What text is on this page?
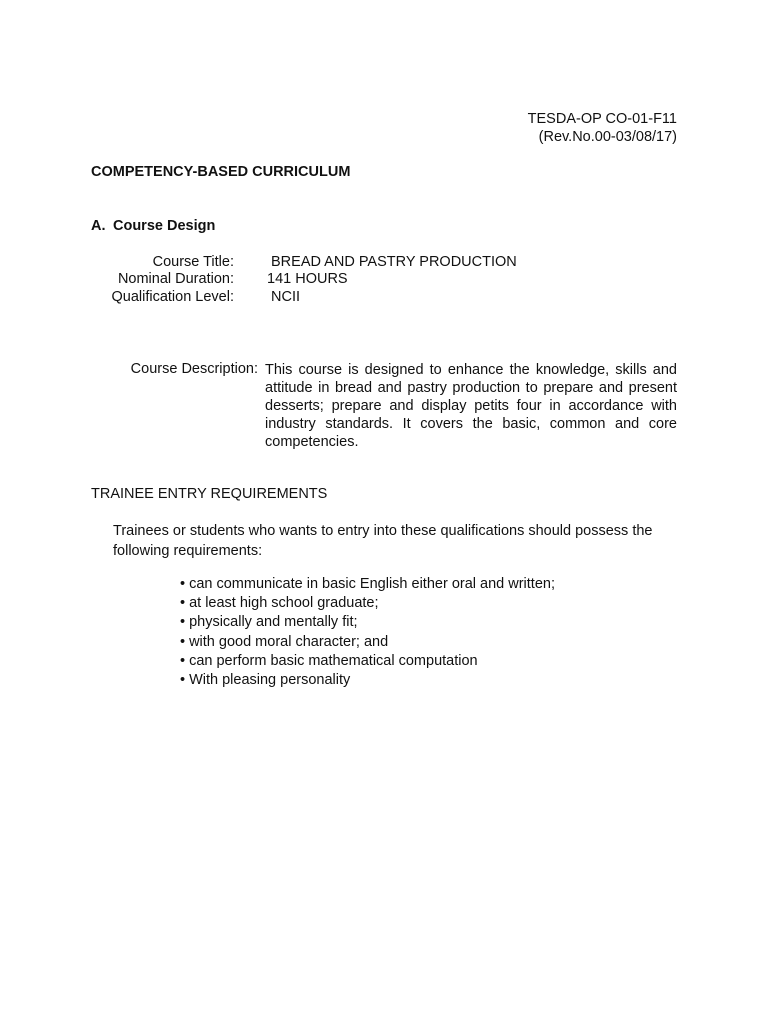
TESDA-OP CO-01-F11
(Rev.No.00-03/08/17)
COMPETENCY-BASED CURRICULUM
A. Course Design
Course Title:	BREAD AND PASTRY PRODUCTION
Nominal Duration: 141 HOURS
Qualification Level:	NCII
Course Description: This course is designed to enhance the knowledge, skills and attitude in bread and pastry production to prepare and present desserts; prepare and display petits four in accordance with industry standards. It covers the basic, common and core competencies.
TRAINEE ENTRY REQUIREMENTS
Trainees or students who wants to entry into these qualifications should possess the following requirements:
• can communicate in basic English either oral and written;
• at least high school graduate;
• physically and mentally fit;
• with good moral character; and
• can perform basic mathematical computation
• With pleasing personality
